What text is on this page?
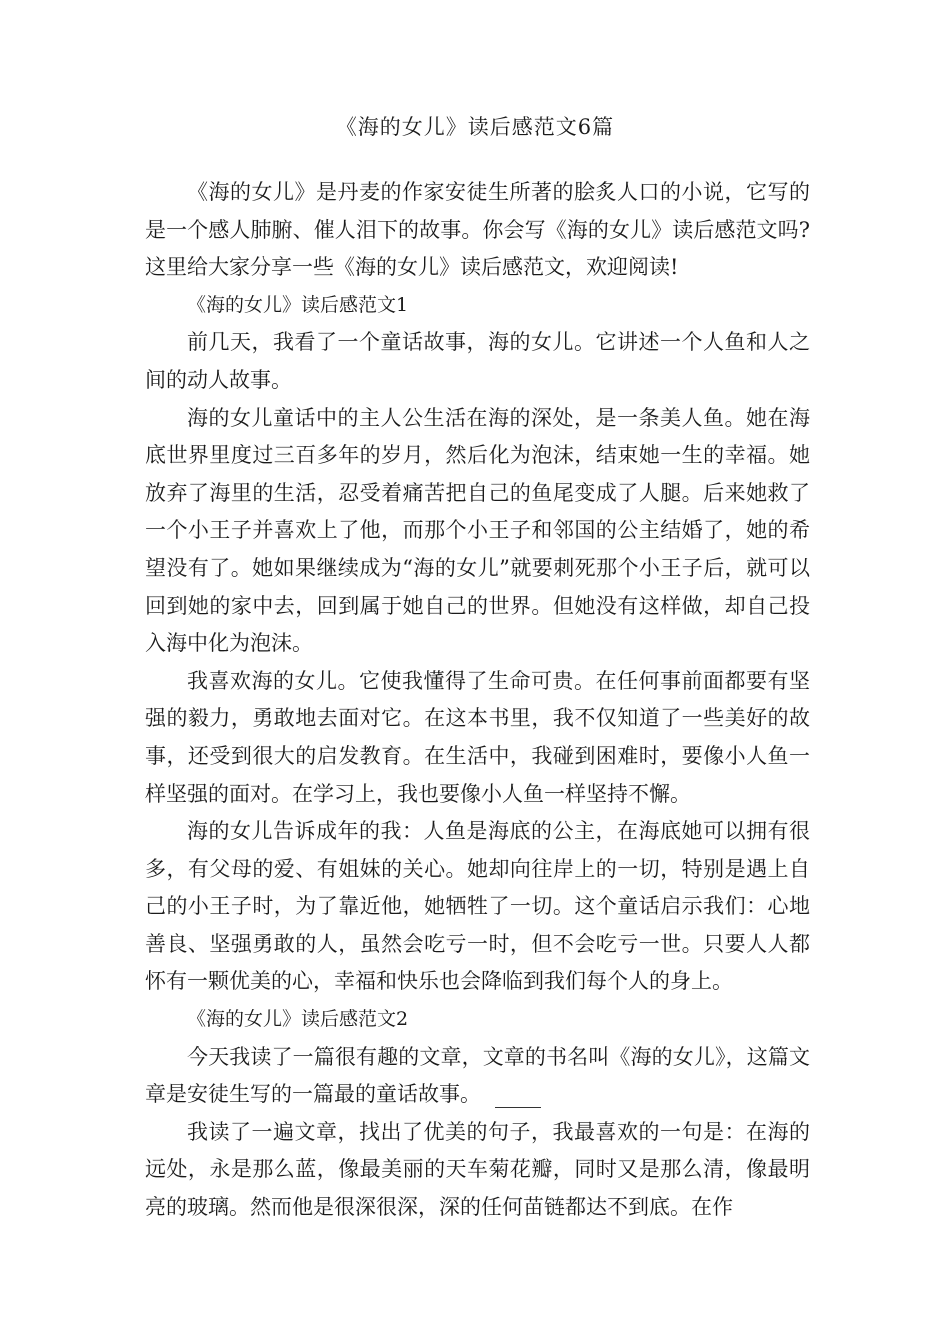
《海的女儿》读后感范文6篇

《海的女儿》是丹麦的作家安徒生所著的脍炙人口的小说，它写的是一个感人肺腑、催人泪下的故事。你会写《海的女儿》读后感范文吗?这里给大家分享一些《海的女儿》读后感范文，欢迎阅读!

《海的女儿》读后感范文1

前几天，我看了一个童话故事，海的女儿。它讲述一个人鱼和人之间的动人故事。

海的女儿童话中的主人公生活在海的深处，是一条美人鱼。她在海底世界里度过三百多年的岁月，然后化为泡沫，结束她一生的幸福。她放弃了海里的生活，忍受着痛苦把自己的鱼尾变成了人腿。后来她救了一个小王子并喜欢上了他，而那个小王子和邻国的公主结婚了，她的希望没有了。她如果继续成为“海的女儿”就要刺死那个小王子后，就可以回到她的家中去，回到属于她自己的世界。但她没有这样做，却自己投入海中化为泡沫。

我喜欢海的女儿。它使我懂得了生命可贵。在任何事前面都要有坚强的毅力，勇敢地去面对它。在这本书里，我不仅知道了一些美好的故事，还受到很大的启发教育。在生活中，我碰到困难时，要像小人鱼一样坚强的面对。在学习上，我也要像小人鱼一样坚持不懈。

海的女儿告诉成年的我：人鱼是海底的公主，在海底她可以拥有很多，有父母的爱、有姐妹的关心。她却向往岸上的一切，特别是遇上自己的小王子时，为了靠近他，她牺牲了一切。这个童话启示我们：心地善良、坚强勇敢的人，虽然会吃亏一时，但不会吃亏一世。只要人人都怀有一颗优美的心，幸福和快乐也会降临到我们每个人的身上。

《海的女儿》读后感范文2

今天我读了一篇很有趣的文章，文章的书名叫《海的女儿》，这篇文章是安徒生写的一篇最的童话故事。

我读了一遍文章，找出了优美的句子，我最喜欢的一句是：在海的远处，永是那么蓝，像最美丽的天车菊花瓣，同时又是那么清，像最明亮的玻璃。然而他是很深很深，深的任何苗链都达不到底。在作
